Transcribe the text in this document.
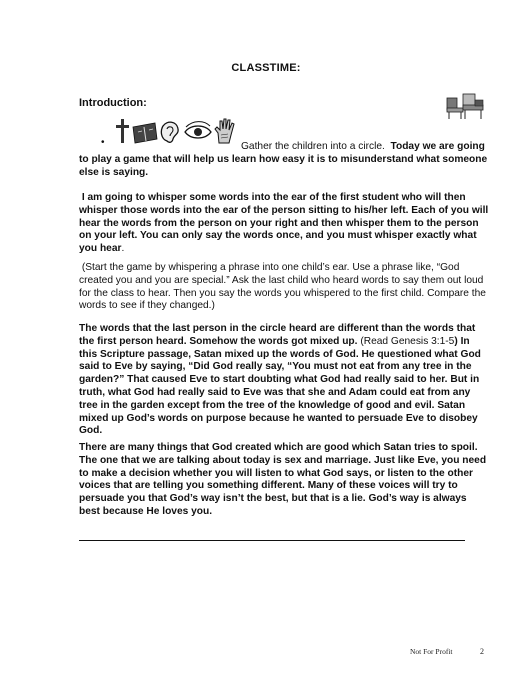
CLASSTIME:
Introduction:
•	Gather the children into a circle. Today we are going to play a game that will help us learn how easy it is to misunderstand what someone else is saying.

I am going to whisper some words into the ear of the first student who will then whisper those words into the ear of the person sitting to his/her left. Each of you will hear the words from the person on your right and then whisper them to the person on your left. You can only say the words once, and you must whisper exactly what you hear.

(Start the game by whispering a phrase into one child’s ear. Use a phrase like, “God created you and you are special.” Ask the last child who heard words to say them out loud for the class to hear. Then you say the words you whispered to the first child. Compare the words to see if they changed.)

The words that the last person in the circle heard are different than the words that the first person heard. Somehow the words got mixed up. (Read Genesis 3:1-5) In this Scripture passage, Satan mixed up the words of God. He questioned what God said to Eve by saying, “Did God really say, “You must not eat from any tree in the garden?” That caused Eve to start doubting what God had really said to her. But in truth, what God had really said to Eve was that she and Adam could eat from any tree in the garden except from the tree of the knowledge of good and evil. Satan mixed up God’s words on purpose because he wanted to persuade Eve to disobey God.

There are many things that God created which are good which Satan tries to spoil. The one that we are talking about today is sex and marriage. Just like Eve, you need to make a decision whether you will listen to what God says, or listen to the other voices that are telling you something different. Many of these voices will try to persuade you that God’s way isn’t the best, but that is a lie. God’s way is always best because He loves you.

Not For Profit	2
